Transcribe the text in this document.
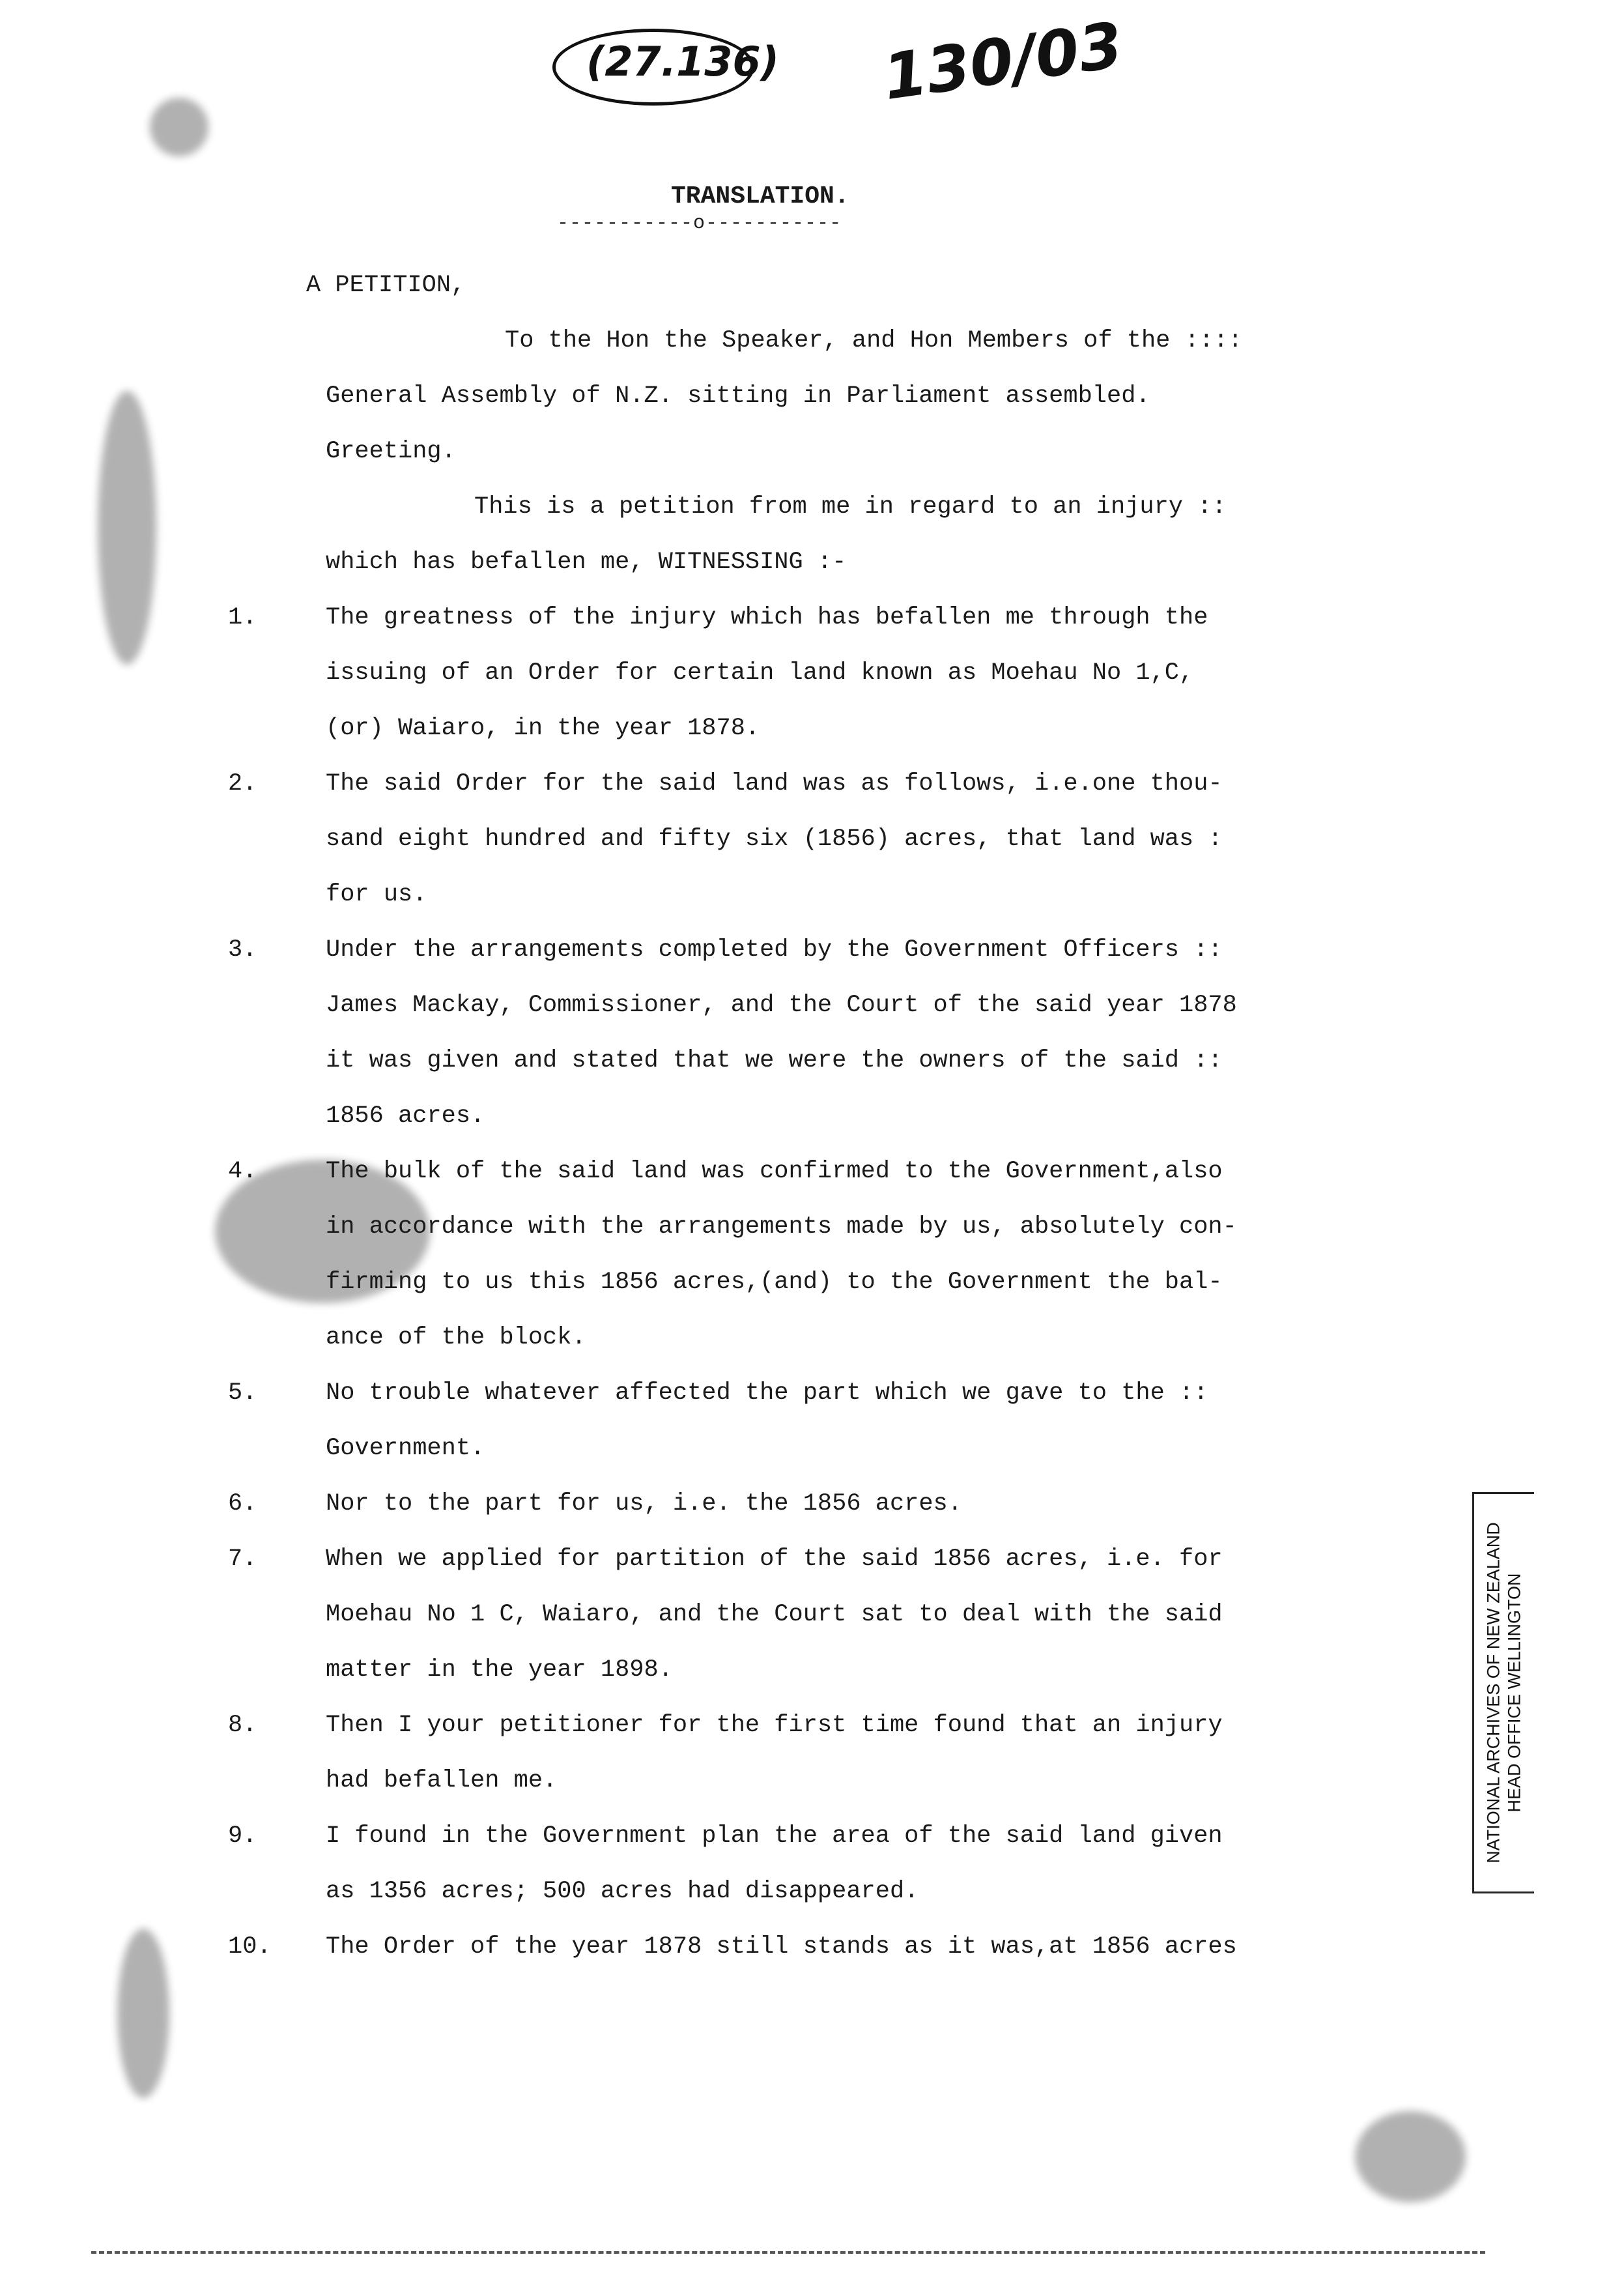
(27.136) 130/03
TRANSLATION.
-----------o-----------
A PETITION,
To the Hon the Speaker, and Hon Members of the ::::
General Assembly of N.Z. sitting in Parliament assembled.
Greeting.
This is a petition from me in regard to an injury ::
which has befallen me, WITNESSING :-
1.	The greatness of the injury which has befallen me through the
issuing of an Order for certain land known as Moehau No 1,C,
(or) Waiaro, in the year 1878.
2.	The said Order for the said land was as follows, i.e.one thou-
sand eight hundred and fifty six (1856) acres, that land was :
for us.
3.	Under the arrangements completed by the Government Officers ::
James Mackay, Commissioner, and the Court of the said year 1878
it was given and stated that we were the owners of the said ::
1856 acres.
4.	The bulk of the said land was confirmed to the Government,also
in accordance with the arrangements made by us, absolutely con-
firming to us this 1856 acres,(and) to the Government the bal-
ance of the block.
5.	No trouble whatever affected the part which we gave to the ::
Government.
6.	Nor to the part for us, i.e. the 1856 acres.
7.	When we applied for partition of the said 1856 acres, i.e. for
Moehau No 1 C, Waiaro, and the Court sat to deal with the said
matter in the year 1898.
8.	Then I your petitioner for the first time found that an injury
had befallen me.
9.	I found in the Government plan the area of the said land given
as 1356 acres; 500 acres had disappeared.
10. The Order of the year 1878 still stands as it was,at 1856 acres
NATIONAL ARCHIVES OF NEW ZEALAND HEAD OFFICE WELLINGTON
